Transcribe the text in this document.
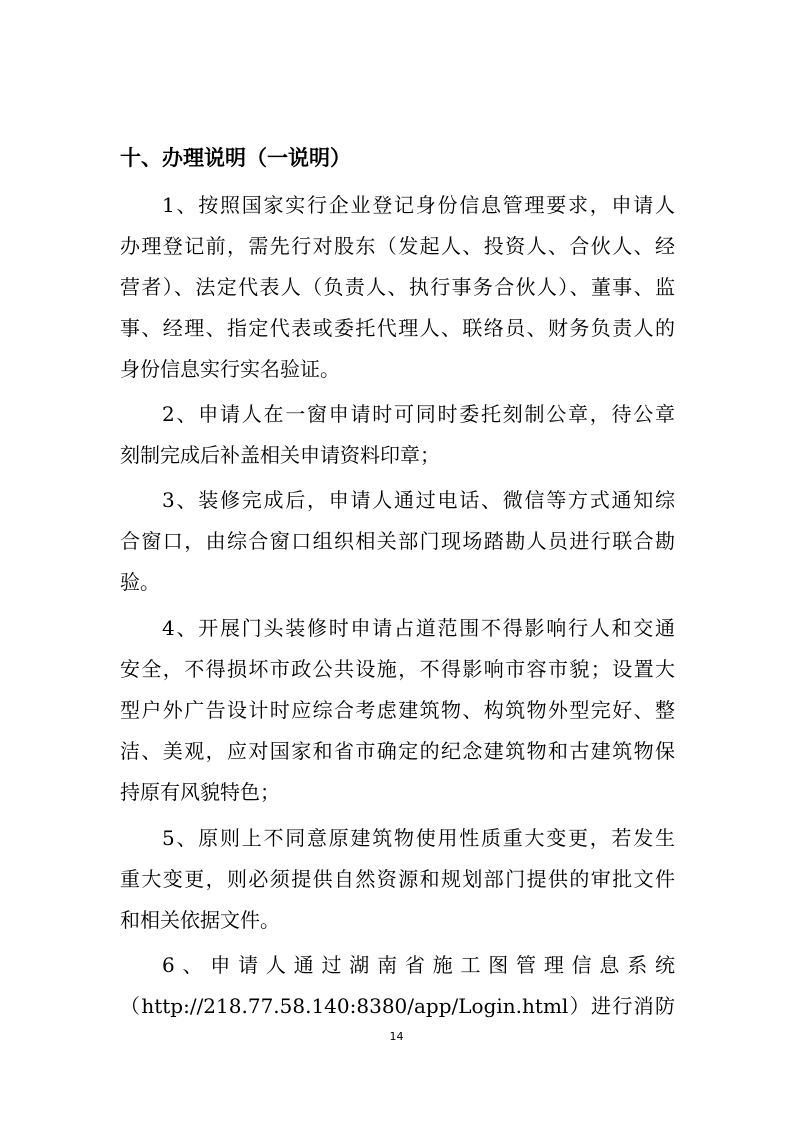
十、办理说明（一说明）
1、按照国家实行企业登记身份信息管理要求，申请人
办理登记前，需先行对股东（发起人、投资人、合伙人、经
营者）、法定代表人（负责人、执行事务合伙人）、董事、监
事、经理、指定代表或委托代理人、联络员、财务负责人的
身份信息实行实名验证。
2、申请人在一窗申请时可同时委托刻制公章，待公章
刻制完成后补盖相关申请资料印章；
3、装修完成后，申请人通过电话、微信等方式通知综
合窗口，由综合窗口组织相关部门现场踏勘人员进行联合勘
验。
4、开展门头装修时申请占道范围不得影响行人和交通
安全，不得损坏市政公共设施，不得影响市容市貌；设置大
型户外广告设计时应综合考虑建筑物、构筑物外型完好、整
洁、美观，应对国家和省市确定的纪念建筑物和古建筑物保
持原有风貌特色；
5、原则上不同意原建筑物使用性质重大变更，若发生
重大变更，则必须提供自然资源和规划部门提供的审批文件
和相关依据文件。
6、申请人通过湖南省施工图管理信息系统
（http://218.77.58.140:8380/app/Login.html）进行消防
14
